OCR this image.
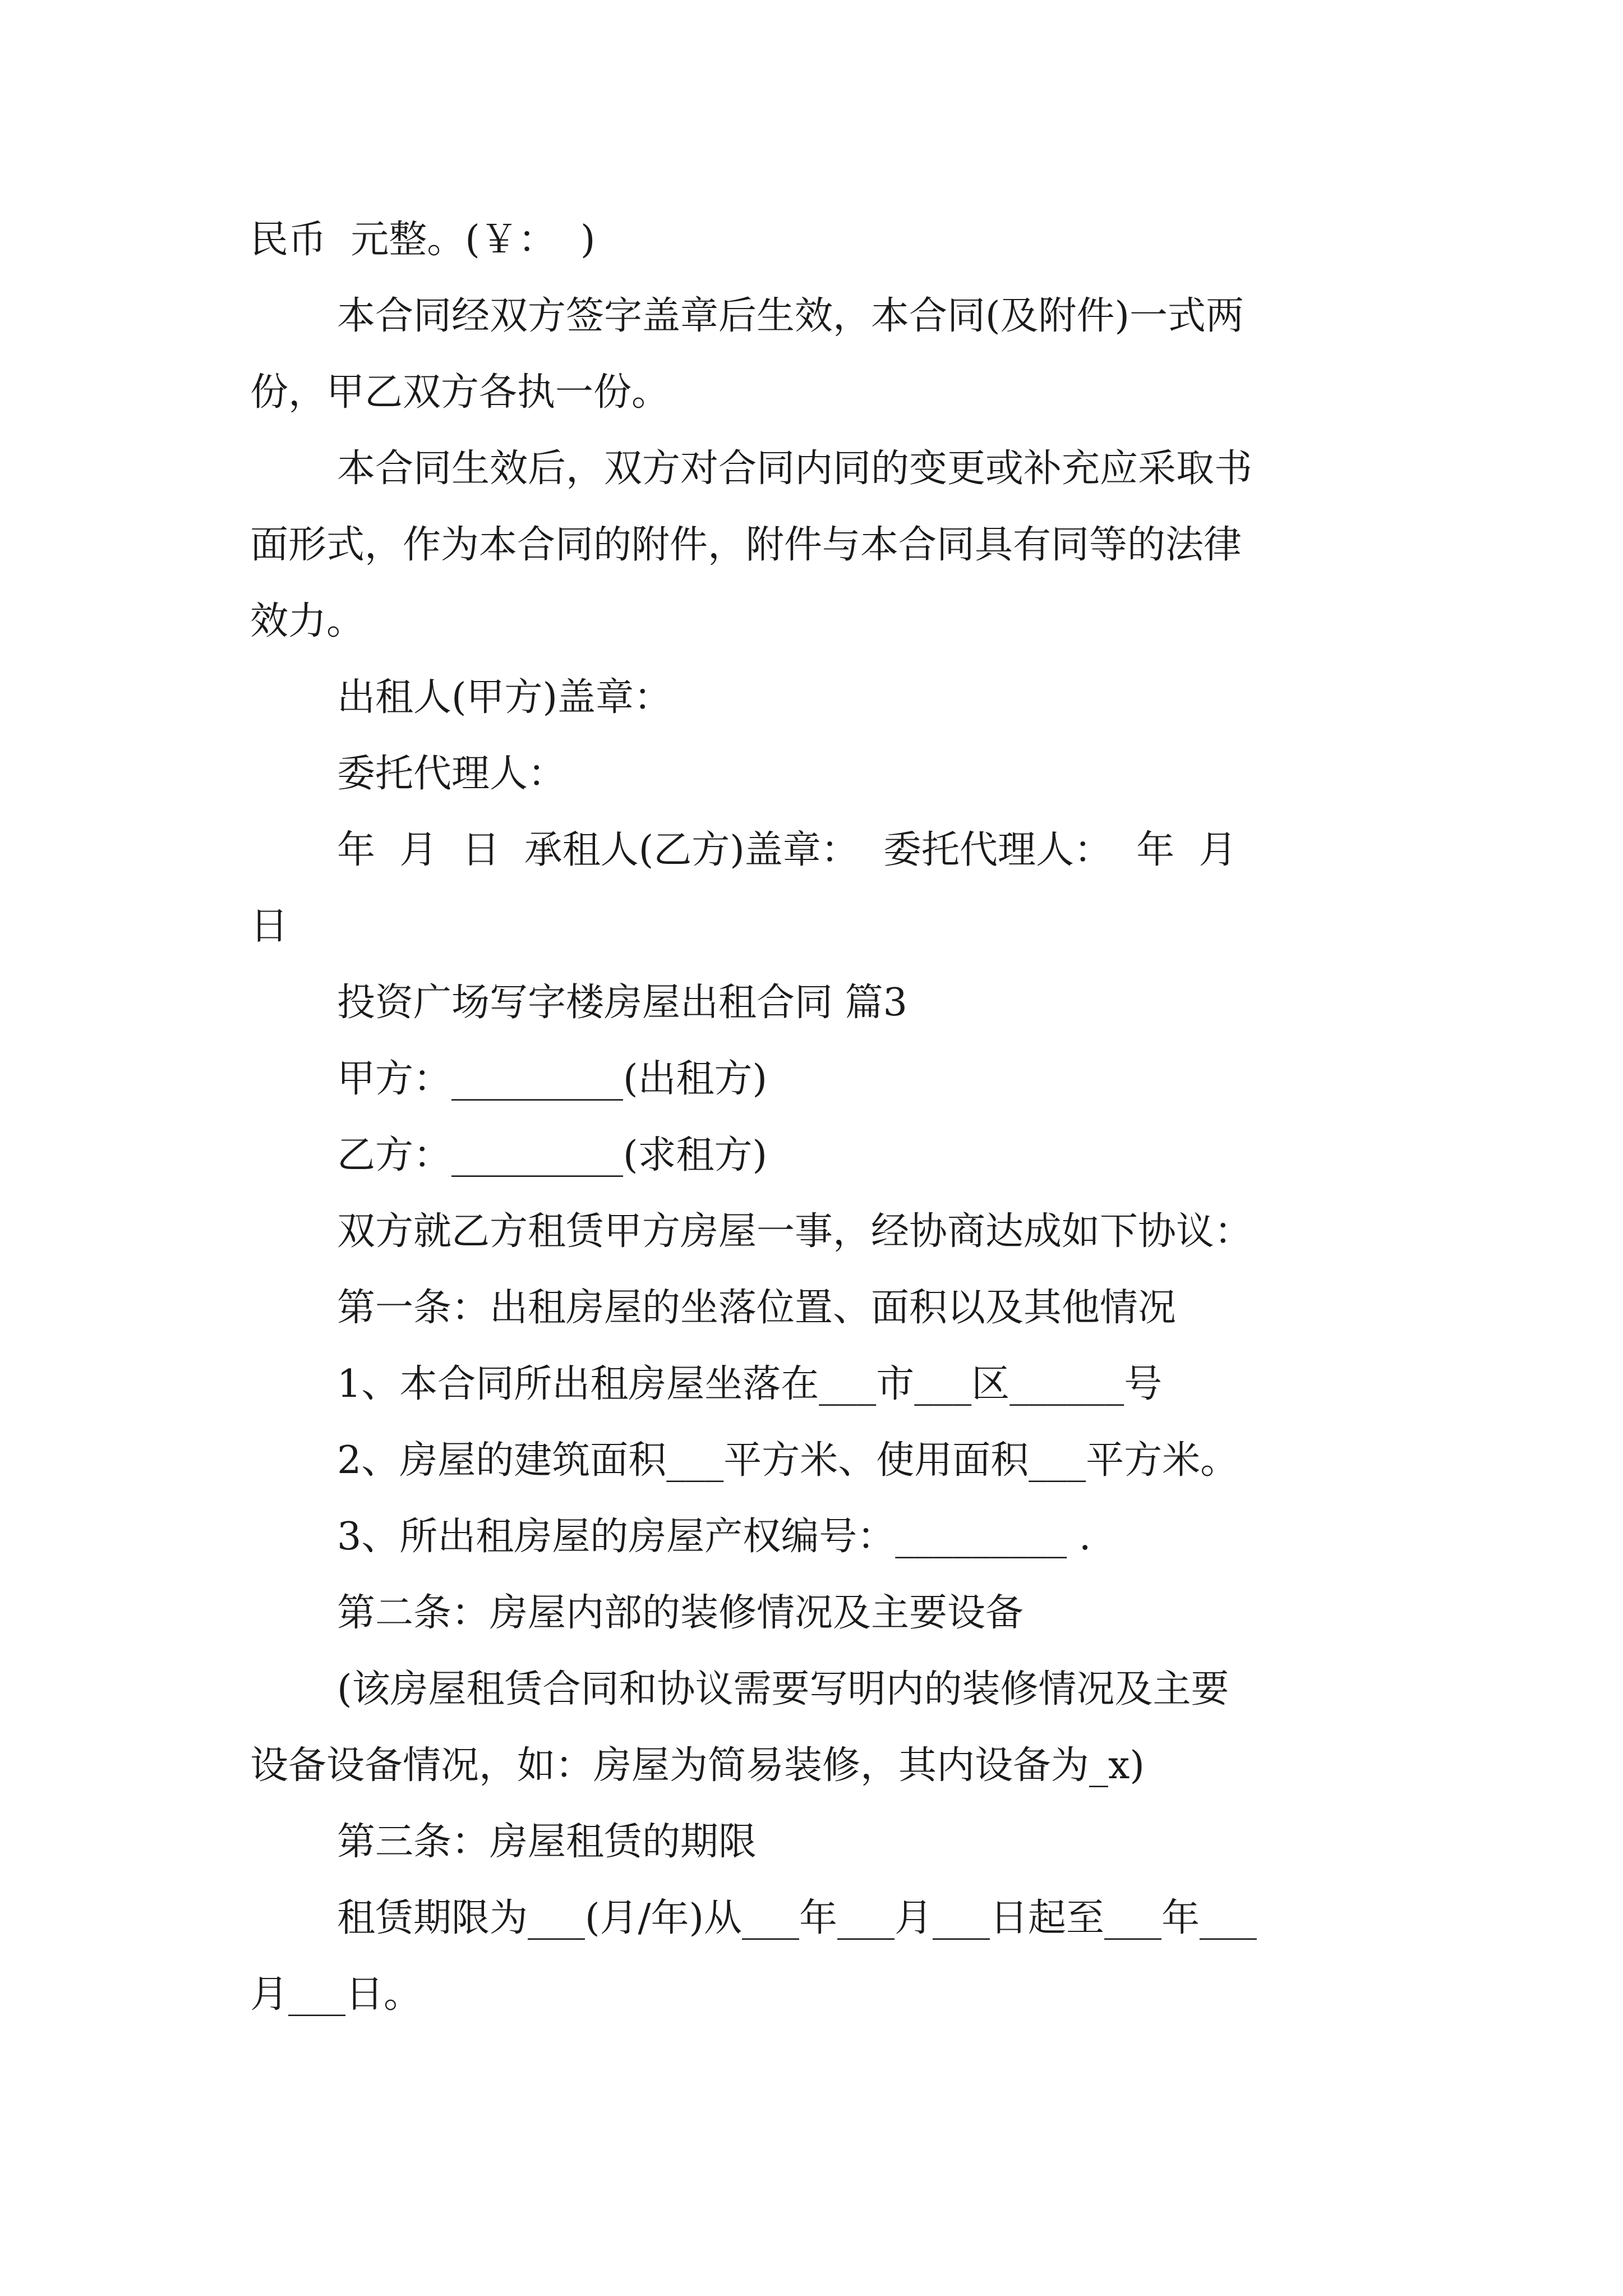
民币  元整。(￥：  )
本合同经双方签字盖章后生效，本合同(及附件)一式两
份，甲乙双方各执一份。
本合同生效后，双方对合同内同的变更或补充应采取书
面形式，作为本合同的附件，附件与本合同具有同等的法律
效力。
出租人(甲方)盖章：
委托代理人：
年  月  日  承租人(乙方)盖章：  委托代理人：  年  月
日
投资广场写字楼房屋出租合同 篇3
甲方：_________(出租方)
乙方：_________(求租方)
双方就乙方租赁甲方房屋一事，经协商达成如下协议：
第一条：出租房屋的坐落位置、面积以及其他情况
1、本合同所出租房屋坐落在___市___区______号
2、房屋的建筑面积___平方米、使用面积___平方米。
3、所出租房屋的房屋产权编号：_________ .
第二条：房屋内部的装修情况及主要设备
(该房屋租赁合同和协议需要写明内的装修情况及主要
设备设备情况，如：房屋为简易装修，其内设备为_x)
第三条：房屋租赁的期限
租赁期限为___(月/年)从___年___月___日起至___年___
月___日。
